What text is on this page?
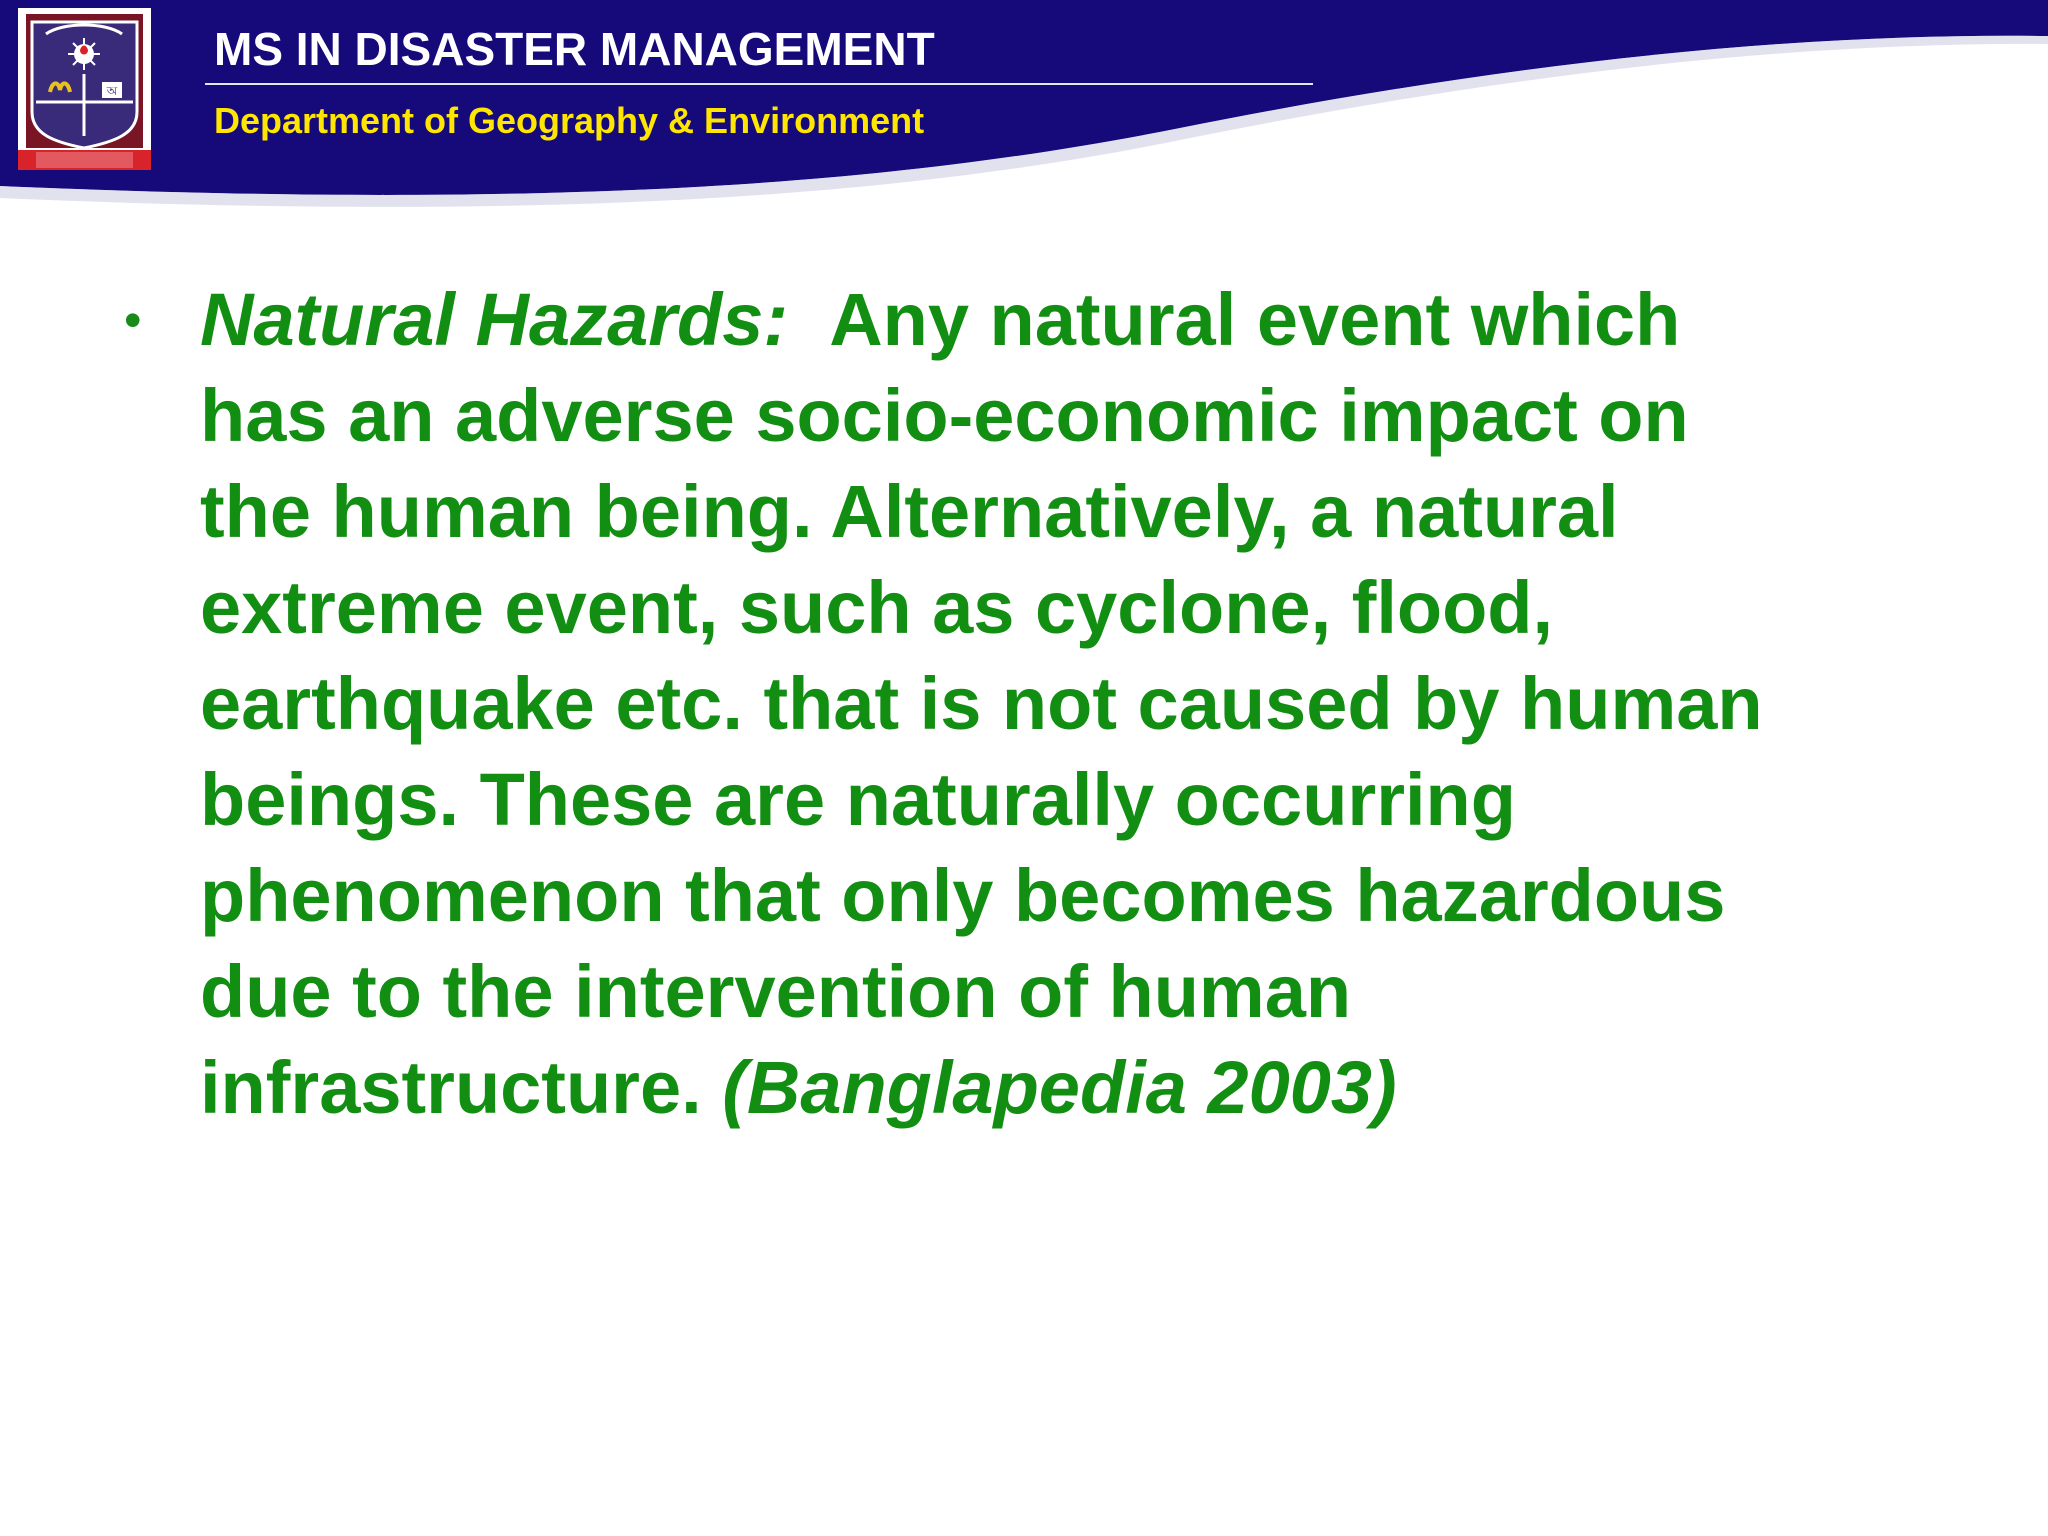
অ
MS IN DISASTER MANAGEMENT
Department of Geography & Environment
• Natural Hazards: Any natural event which
has an adverse socio-economic impact on
the human being. Alternatively, a natural
extreme event, such as cyclone, flood,
earthquake etc. that is not caused by human
beings. These are naturally occurring
phenomenon that only becomes hazardous
due to the intervention of human
infrastructure. (Banglapedia 2003)
